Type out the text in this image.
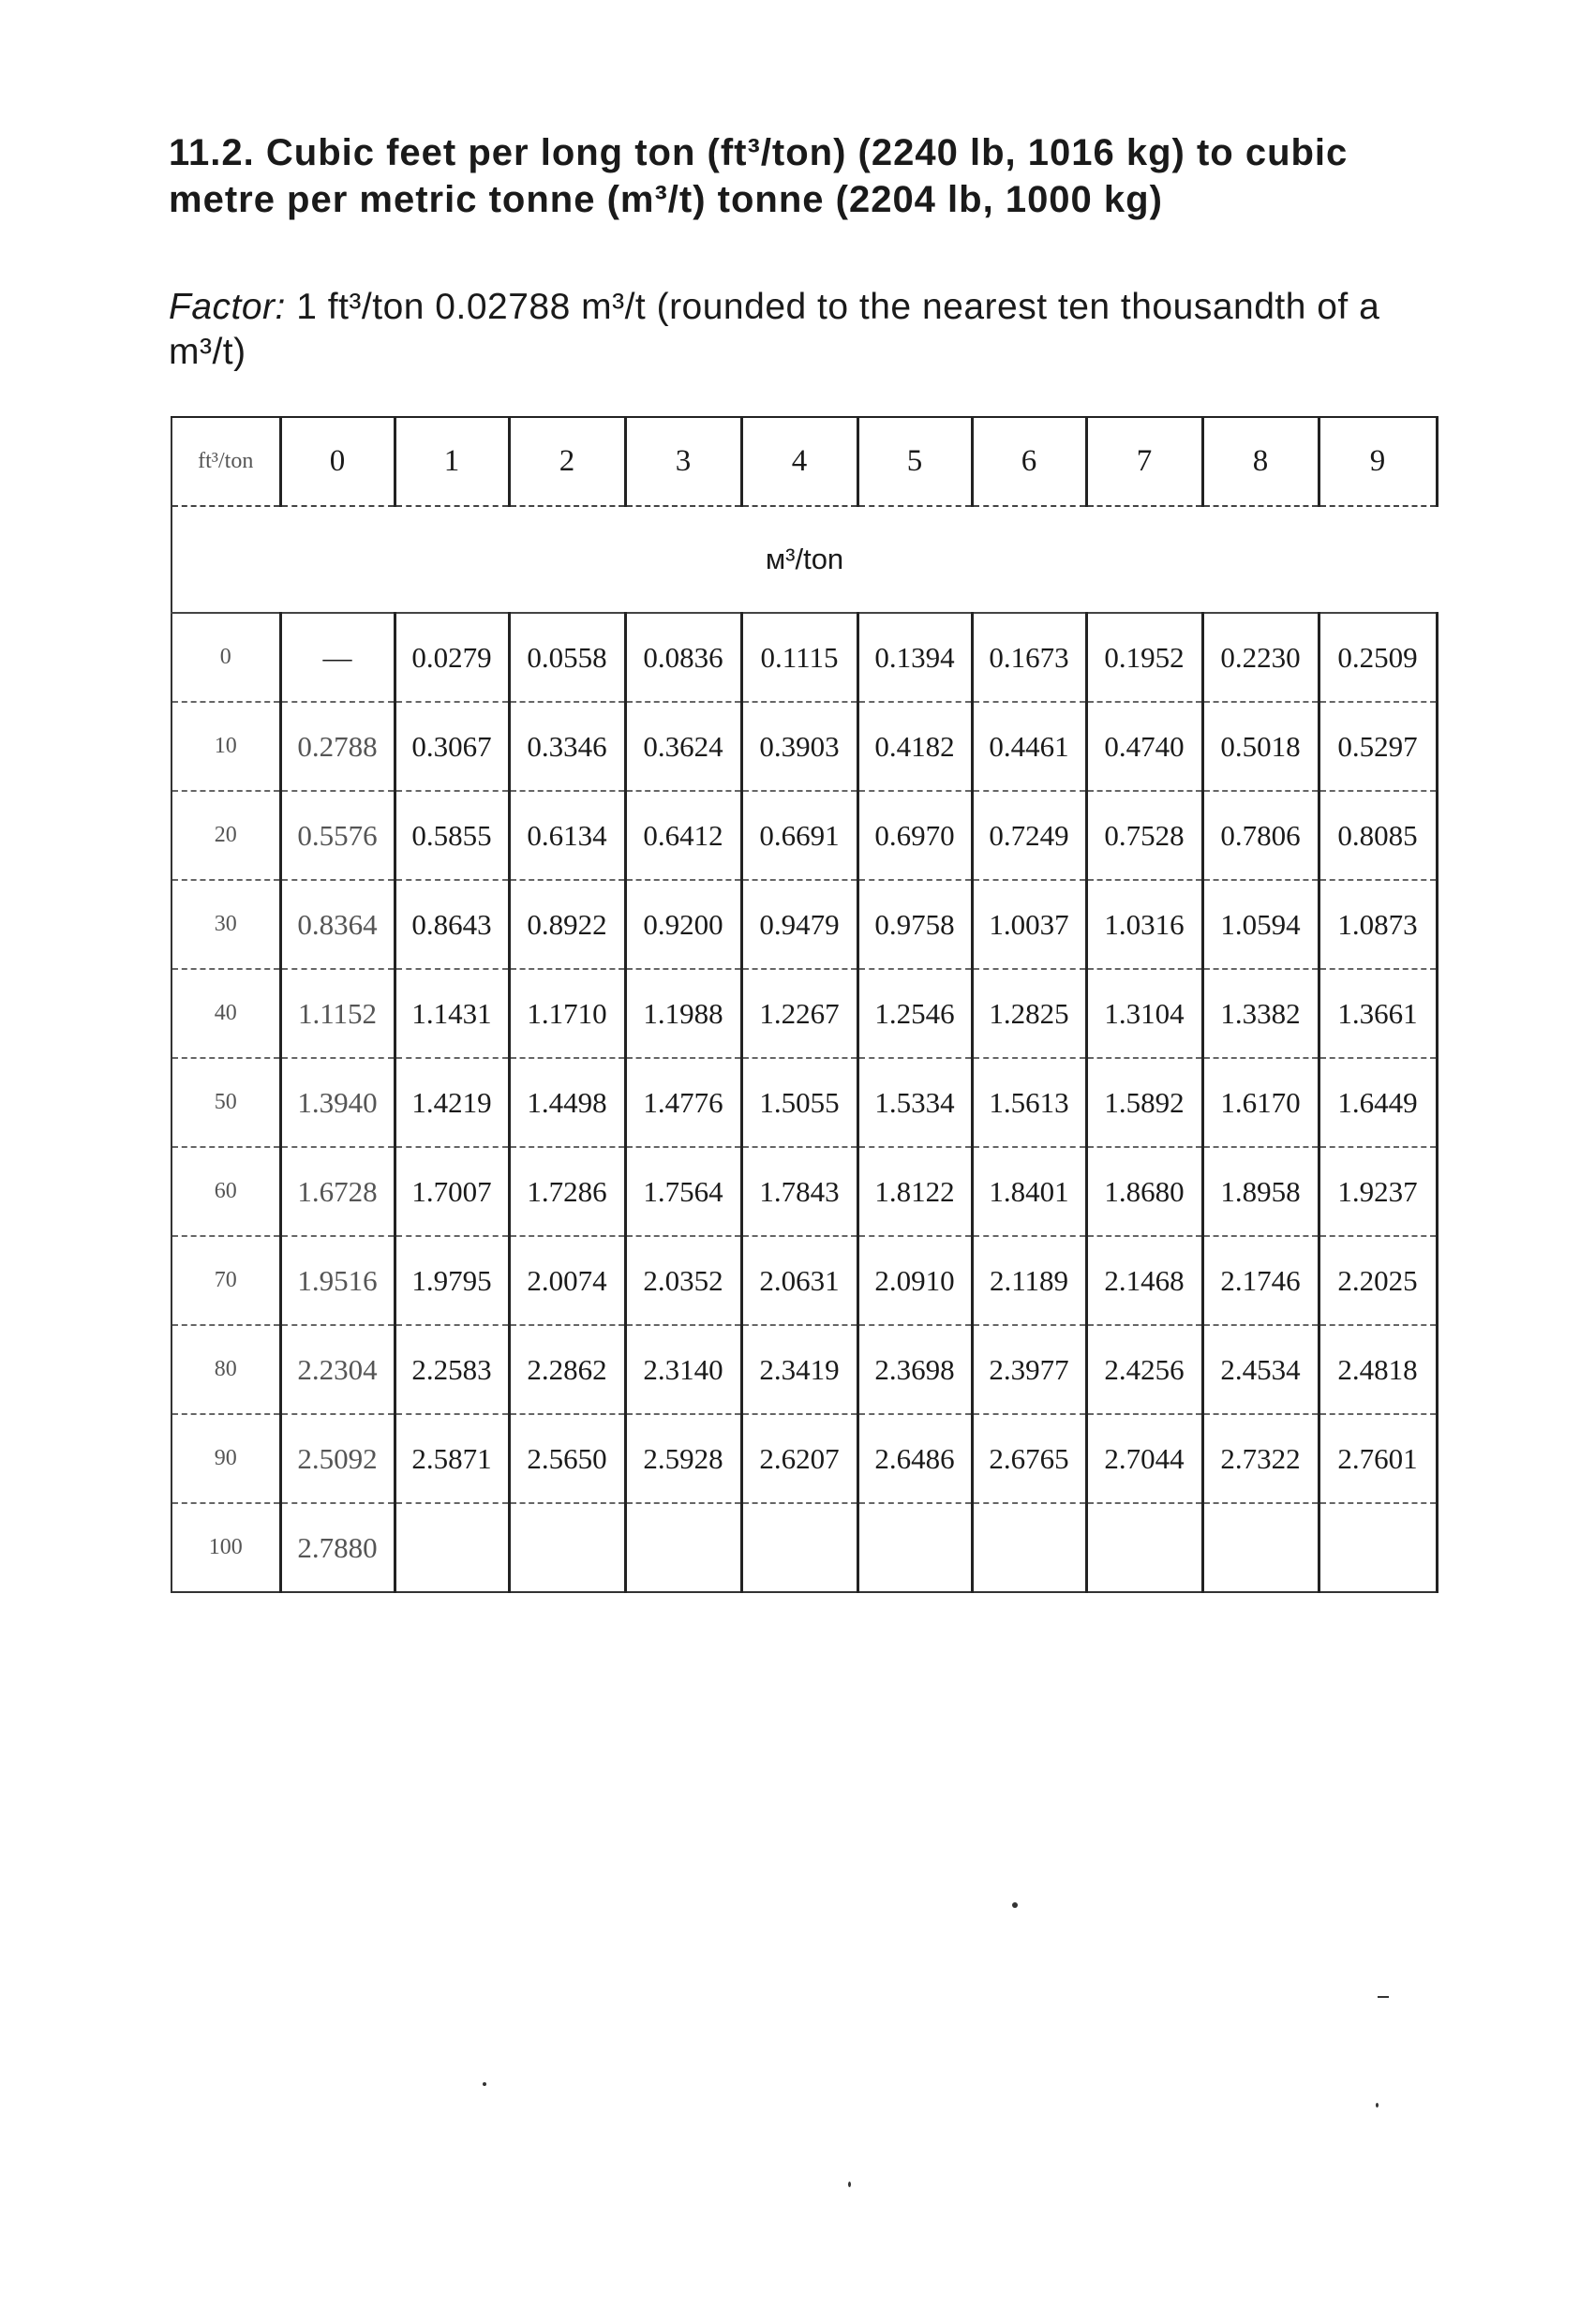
11.2. Cubic feet per long ton (ft³/ton) (2240 lb, 1016 kg) to cubic metre per metric tonne (m³/t) tonne (2204 lb, 1000 kg)
Factor: 1 ft³/ton 0.02788 m³/t (rounded to the nearest ten thousandth of a m³/t)
ft³/ton	0	1	2	3	4	5	6	7	8	9
м³/ton										
0	—	0.0279	0.0558	0.0836	0.1115	0.1394	0.1673	0.1952	0.2230	0.2509
10	0.2788	0.3067	0.3346	0.3624	0.3903	0.4182	0.4461	0.4740	0.5018	0.5297
20	0.5576	0.5855	0.6134	0.6412	0.6691	0.6970	0.7249	0.7528	0.7806	0.8085
30	0.8364	0.8643	0.8922	0.9200	0.9479	0.9758	1.0037	1.0316	1.0594	1.0873
40	1.1152	1.1431	1.1710	1.1988	1.2267	1.2546	1.2825	1.3104	1.3382	1.3661
50	1.3940	1.4219	1.4498	1.4776	1.5055	1.5334	1.5613	1.5892	1.6170	1.6449
60	1.6728	1.7007	1.7286	1.7564	1.7843	1.8122	1.8401	1.8680	1.8958	1.9237
70	1.9516	1.9795	2.0074	2.0352	2.0631	2.0910	2.1189	2.1468	2.1746	2.2025
80	2.2304	2.2583	2.2862	2.3140	2.3419	2.3698	2.3977	2.4256	2.4534	2.4818
90	2.5092	2.5871	2.5650	2.5928	2.6207	2.6486	2.6765	2.7044	2.7322	2.7601
100	2.7880									
